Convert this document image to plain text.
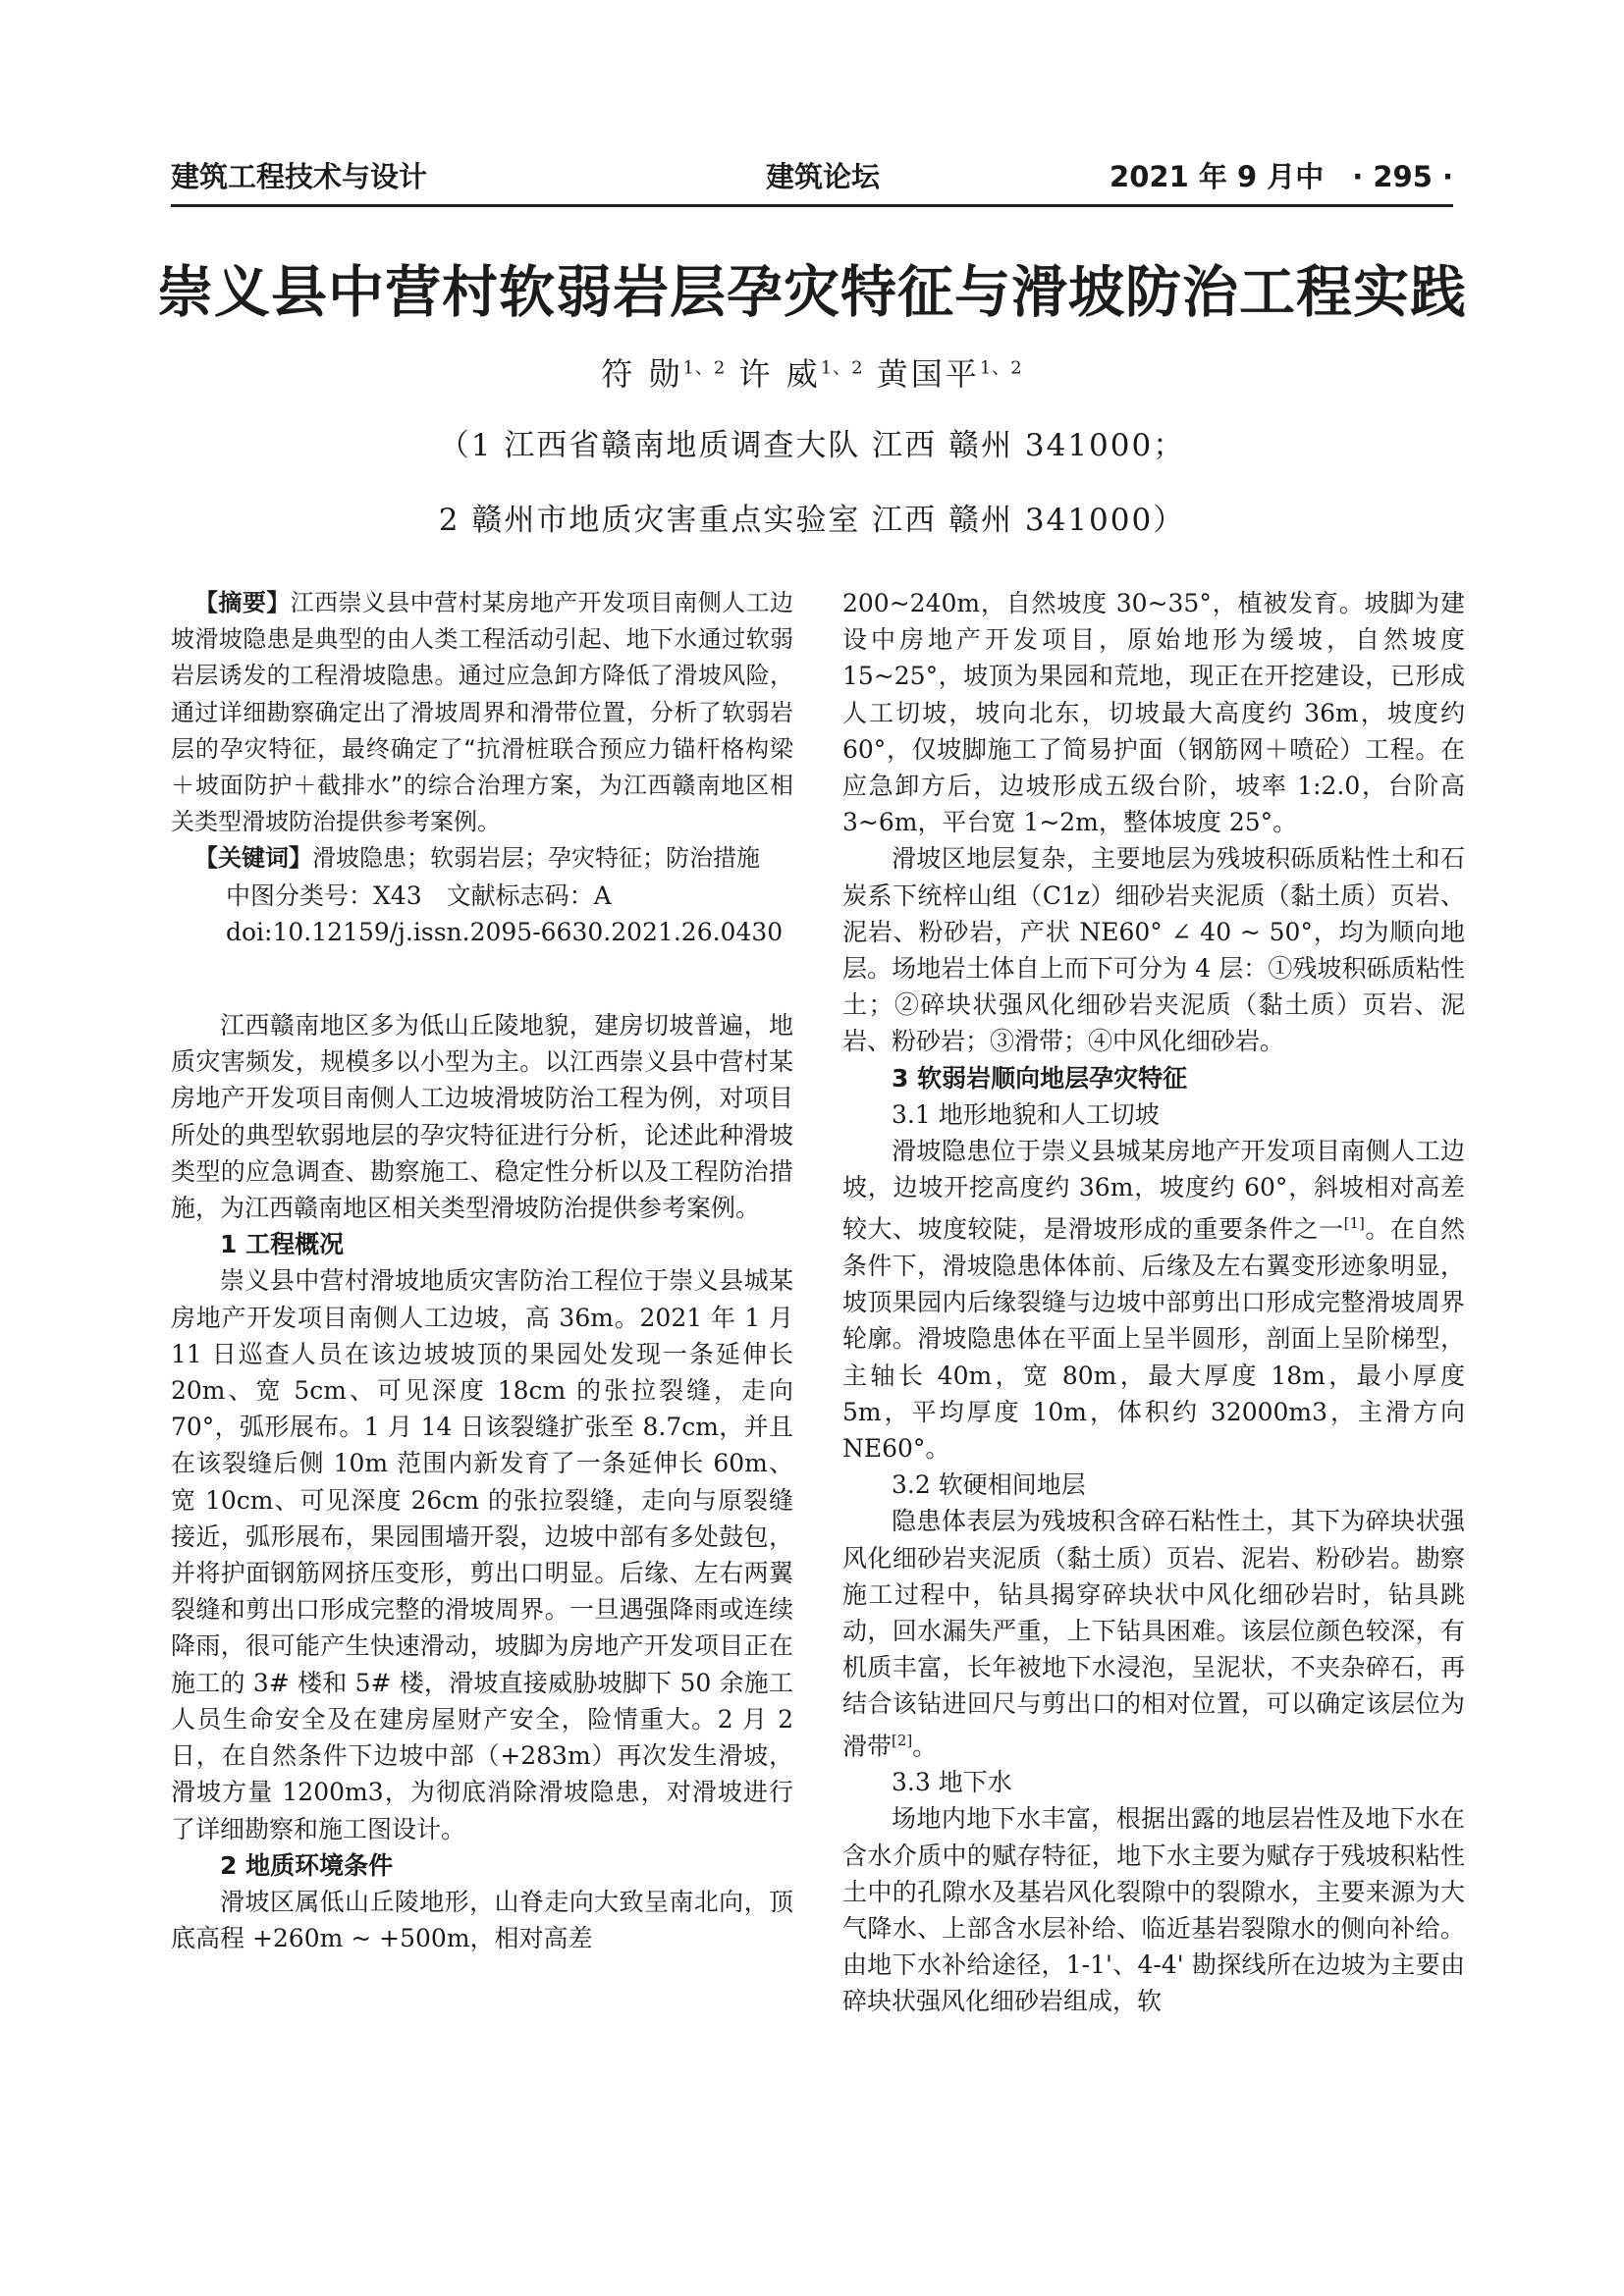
建筑工程技术与设计	建筑论坛	2021 年 9 月中　· 295 ·
崇义县中营村软弱岩层孕灾特征与滑坡防治工程实践
符 勋$^{1、2}$ 许 威$^{1、2}$ 黄国平$^{1、2}$
（1 江西省赣南地质调查大队 江西 赣州 341000；
2 赣州市地质灾害重点实验室 江西 赣州 341000）

【摘要】江西崇义县中营村某房地产开发项目南侧人工边坡滑坡隐患是典型的由人类工程活动引起、地下水通过软弱岩层诱发的工程滑坡隐患。通过应急卸方降低了滑坡风险，通过详细勘察确定出了滑坡周界和滑带位置，分析了软弱岩层的孕灾特征，最终确定了“抗滑桩联合预应力锚杆格构梁＋坡面防护＋截排水”的综合治理方案，为江西赣南地区相关类型滑坡防治提供参考案例。

【关键词】滑坡隐患；软弱岩层；孕灾特征；防治措施

中图分类号：X43　文献标志码：A

doi:10.12159/j.issn.2095-6630.2021.26.0430

江西赣南地区多为低山丘陵地貌，建房切坡普遍，地质灾害频发，规模多以小型为主。以江西崇义县中营村某房地产开发项目南侧人工边坡滑坡防治工程为例，对项目所处的典型软弱地层的孕灾特征进行分析，论述此种滑坡类型的应急调查、勘察施工、稳定性分析以及工程防治措施，为江西赣南地区相关类型滑坡防治提供参考案例。

1 工程概况

崇义县中营村滑坡地质灾害防治工程位于崇义县城某房地产开发项目南侧人工边坡，高 36m。2021 年 1 月 11 日巡查人员在该边坡坡顶的果园处发现一条延伸长 20m、宽 5cm、可见深度 18cm 的张拉裂缝，走向 70°，弧形展布。1 月 14 日该裂缝扩张至 8.7cm，并且在该裂缝后侧 10m 范围内新发育了一条延伸长 60m、宽 10cm、可见深度 26cm 的张拉裂缝，走向与原裂缝接近，弧形展布，果园围墙开裂，边坡中部有多处鼓包，并将护面钢筋网挤压变形，剪出口明显。后缘、左右两翼裂缝和剪出口形成完整的滑坡周界。一旦遇强降雨或连续降雨，很可能产生快速滑动，坡脚为房地产开发项目正在施工的 3# 楼和 5# 楼，滑坡直接威胁坡脚下 50 余施工人员生命安全及在建房屋财产安全，险情重大。2 月 2 日，在自然条件下边坡中部（+283m）再次发生滑坡，滑坡方量 1200m3，为彻底消除滑坡隐患，对滑坡进行了详细勘察和施工图设计。

2 地质环境条件

滑坡区属低山丘陵地形，山脊走向大致呈南北向，顶底高程 +260m ~ +500m，相对高差

200~240m，自然坡度 30~35°，植被发育。坡脚为建设中房地产开发项目，原始地形为缓坡，自然坡度 15~25°，坡顶为果园和荒地，现正在开挖建设，已形成人工切坡，坡向北东，切坡最大高度约 36m，坡度约 60°，仅坡脚施工了简易护面（钢筋网＋喷砼）工程。在应急卸方后，边坡形成五级台阶，坡率 1:2.0，台阶高 3~6m，平台宽 1~2m，整体坡度 25°。

滑坡区地层复杂，主要地层为残坡积砾质粘性土和石炭系下统梓山组（C1z）细砂岩夹泥质（黏土质）页岩、泥岩、粉砂岩，产状 NE60° ∠ 40 ~ 50°，均为顺向地层。场地岩土体自上而下可分为 4 层：①残坡积砾质粘性土；②碎块状强风化细砂岩夹泥质（黏土质）页岩、泥岩、粉砂岩；③滑带；④中风化细砂岩。

3 软弱岩顺向地层孕灾特征

3.1 地形地貌和人工切坡

滑坡隐患位于崇义县城某房地产开发项目南侧人工边坡，边坡开挖高度约 36m，坡度约 60°，斜坡相对高差较大、坡度较陡，是滑坡形成的重要条件之一[1]。在自然条件下，滑坡隐患体体前、后缘及左右翼变形迹象明显，坡顶果园内后缘裂缝与边坡中部剪出口形成完整滑坡周界轮廓。滑坡隐患体在平面上呈半圆形，剖面上呈阶梯型，主轴长 40m，宽 80m，最大厚度 18m，最小厚度 5m，平均厚度 10m，体积约 32000m3，主滑方向 NE60°。

3.2 软硬相间地层

隐患体表层为残坡积含碎石粘性土，其下为碎块状强风化细砂岩夹泥质（黏土质）页岩、泥岩、粉砂岩。勘察施工过程中，钻具揭穿碎块状中风化细砂岩时，钻具跳动，回水漏失严重，上下钻具困难。该层位颜色较深，有机质丰富，长年被地下水浸泡，呈泥状，不夹杂碎石，再结合该钻进回尺与剪出口的相对位置，可以确定该层位为滑带[2]。

3.3 地下水

场地内地下水丰富，根据出露的地层岩性及地下水在含水介质中的赋存特征，地下水主要为赋存于残坡积粘性土中的孔隙水及基岩风化裂隙中的裂隙水，主要来源为大气降水、上部含水层补给、临近基岩裂隙水的侧向补给。由地下水补给途径，1-1'、4-4' 勘探线所在边坡为主要由碎块状强风化细砂岩组成，软
